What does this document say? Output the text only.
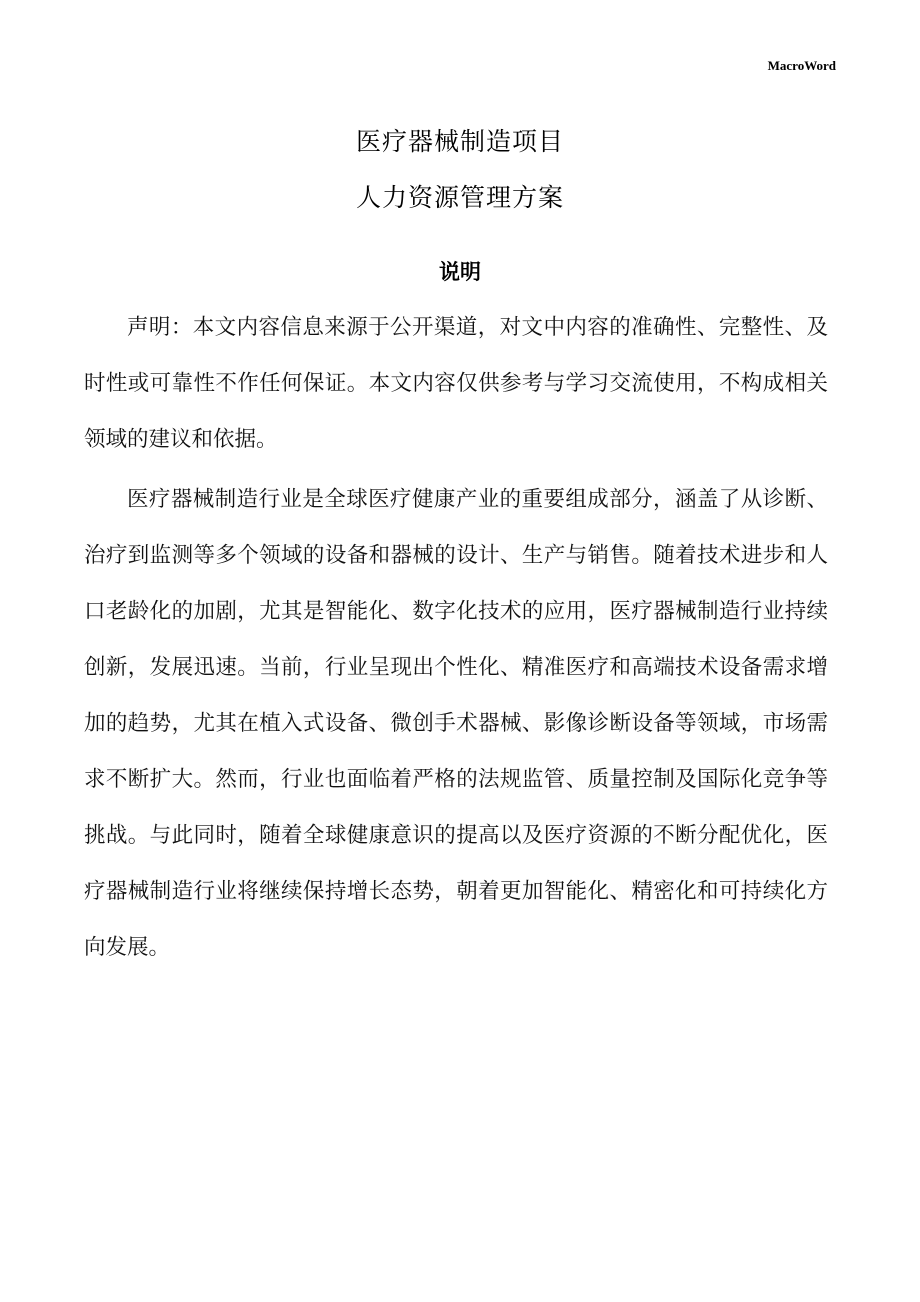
MacroWord
医疗器械制造项目
人力资源管理方案
说明

声明：本文内容信息来源于公开渠道，对文中内容的准确性、完整性、及时性或可靠性不作任何保证。本文内容仅供参考与学习交流使用，不构成相关领域的建议和依据。

医疗器械制造行业是全球医疗健康产业的重要组成部分，涵盖了从诊断、治疗到监测等多个领域的设备和器械的设计、生产与销售。随着技术进步和人口老龄化的加剧，尤其是智能化、数字化技术的应用，医疗器械制造行业持续创新，发展迅速。当前，行业呈现出个性化、精准医疗和高端技术设备需求增加的趋势，尤其在植入式设备、微创手术器械、影像诊断设备等领域，市场需求不断扩大。然而，行业也面临着严格的法规监管、质量控制及国际化竞争等挑战。与此同时，随着全球健康意识的提高以及医疗资源的不断分配优化，医疗器械制造行业将继续保持增长态势，朝着更加智能化、精密化和可持续化方向发展。
